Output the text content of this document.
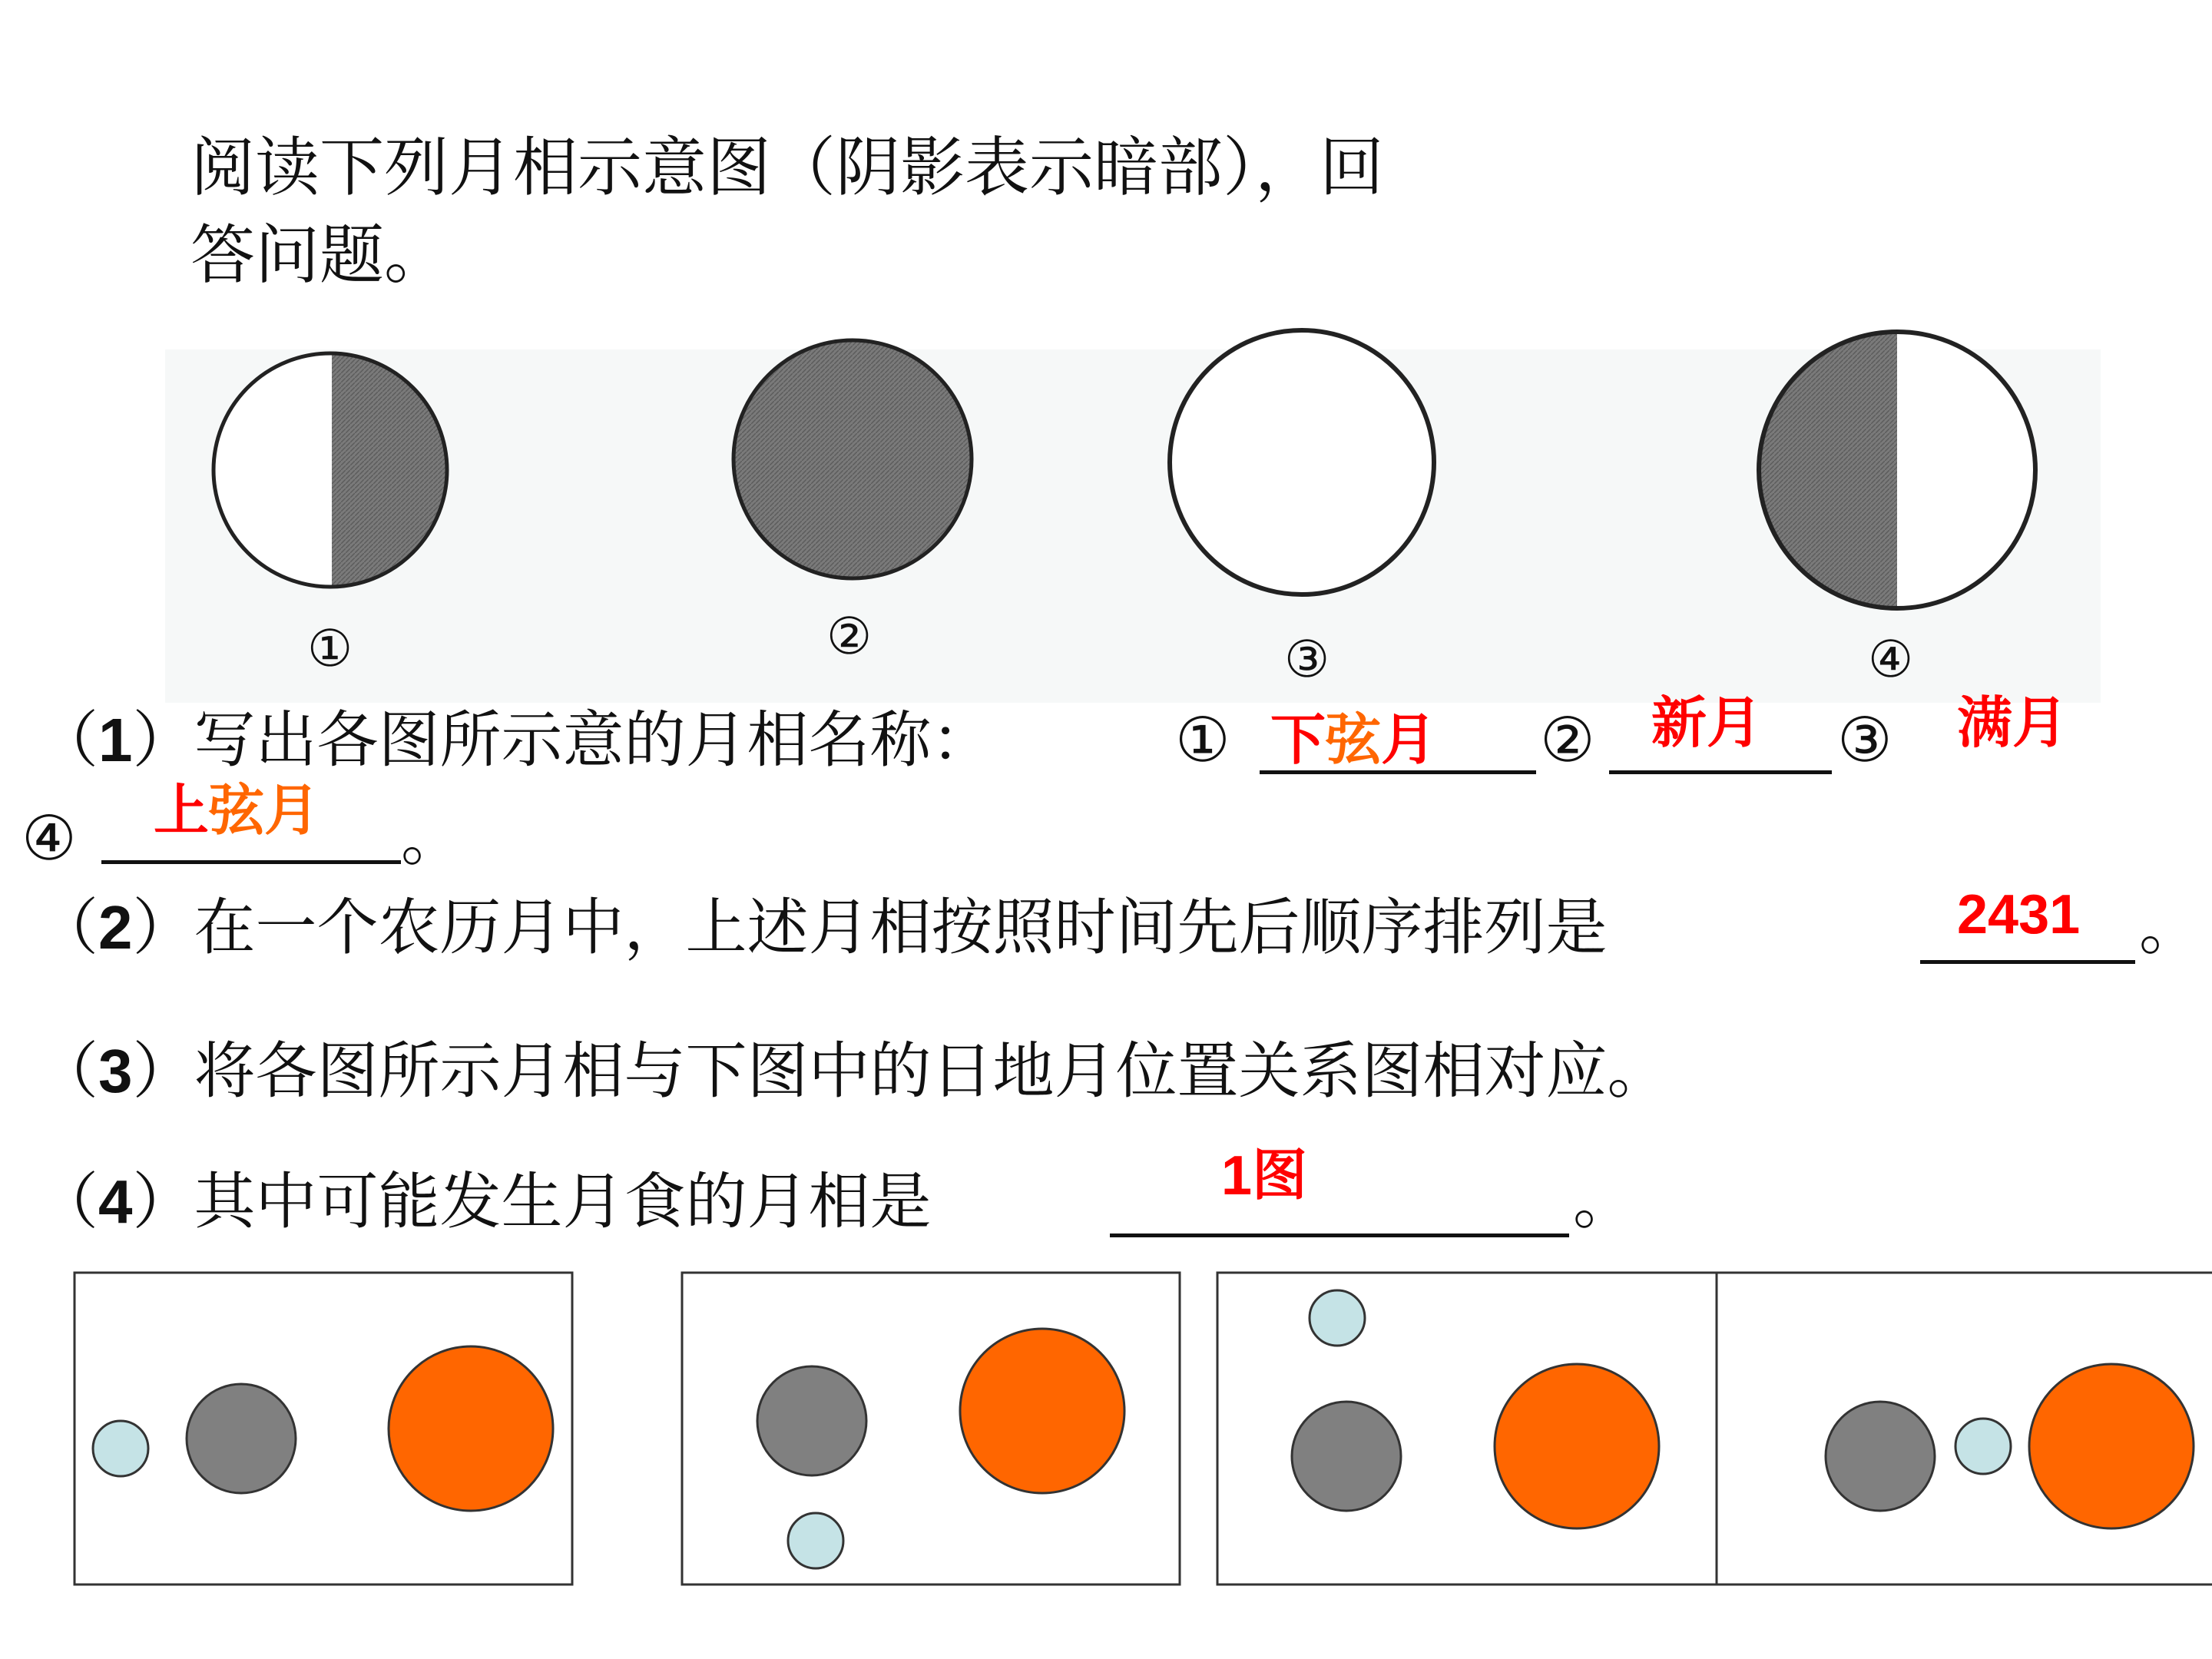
阅读下列月相示意图（阴影表示暗部），回
答问题。
①	②	③	④
（1）写出各图所示意的月相名称：	① 下弦月 ② 新月 ③ 满月
④ 上弦月 。
（2）在一个农历月中，上述月相按照时间先后顺序排列是	2431 。
（3）将各图所示月相与下图中的日地月位置关系图相对应。
（4）其中可能发生月食的月相是	1图	。
